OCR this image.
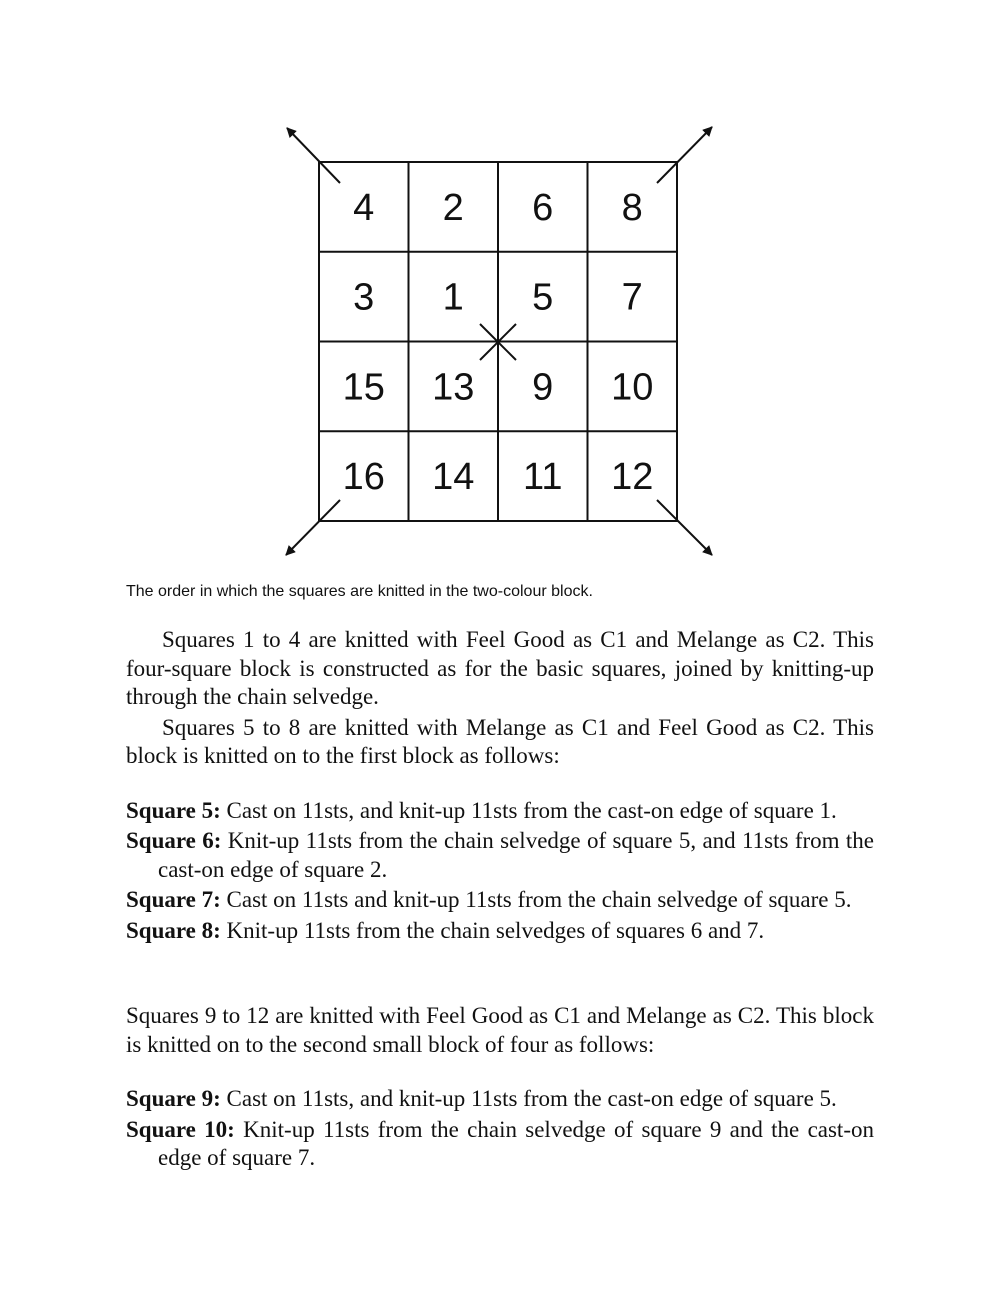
4 2 6 8
3 1 5 7
15 13 9 10
16 14 11 12
The order in which the squares are knitted in the two-colour block.

Squares 1 to 4 are knitted with Feel Good as C1 and Melange as C2. This four-square block is constructed as for the basic squares, joined by knitting-up through the chain selvedge.

Squares 5 to 8 are knitted with Melange as C1 and Feel Good as C2. This block is knitted on to the first block as follows:

Square 5: Cast on 11sts, and knit-up 11sts from the cast-on edge of square 1.

Square 6: Knit-up 11sts from the chain selvedge of square 5, and 11sts from the cast-on edge of square 2.

Square 7: Cast on 11sts and knit-up 11sts from the chain selvedge of square 5.

Square 8: Knit-up 11sts from the chain selvedges of squares 6 and 7.

Squares 9 to 12 are knitted with Feel Good as C1 and Melange as C2. This block is knitted on to the second small block of four as follows:

Square 9: Cast on 11sts, and knit-up 11sts from the cast-on edge of square 5.

Square 10: Knit-up 11sts from the chain selvedge of square 9 and the cast-on edge of square 7.
